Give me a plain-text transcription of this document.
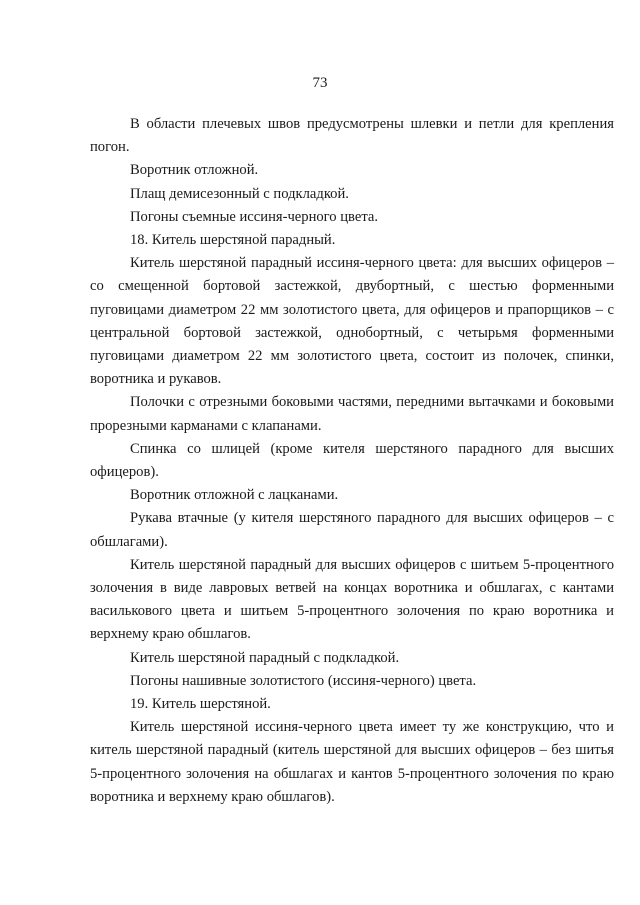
73

В области плечевых швов предусмотрены шлевки и петли для крепления погон.

Воротник отложной.

Плащ демисезонный с подкладкой.

Погоны съемные иссиня-черного цвета.

18. Китель шерстяной парадный.

Китель шерстяной парадный иссиня-черного цвета: для высших офицеров – со смещенной бортовой застежкой, двубортный, с шестью форменными пуговицами диаметром 22 мм золотистого цвета, для офицеров и прапорщиков – с центральной бортовой застежкой, однобортный, с четырьмя форменными пуговицами диаметром 22 мм золотистого цвета, состоит из полочек, спинки, воротника и рукавов.

Полочки с отрезными боковыми частями, передними вытачками и боковыми прорезными карманами с клапанами.

Спинка со шлицей (кроме кителя шерстяного парадного для высших офицеров).

Воротник отложной с лацканами.

Рукава втачные (у кителя шерстяного парадного для высших офицеров – с обшлагами).

Китель шерстяной парадный для высших офицеров с шитьем 5-процентного золочения в виде лавровых ветвей на концах воротника и обшлагах, с кантами василькового цвета и шитьем 5-процентного золочения по краю воротника и верхнему краю обшлагов.

Китель шерстяной парадный с подкладкой.

Погоны нашивные золотистого (иссиня-черного) цвета.

19. Китель шерстяной.

Китель шерстяной иссиня-черного цвета имеет ту же конструкцию, что и китель шерстяной парадный (китель шерстяной для высших офицеров – без шитья 5-процентного золочения на обшлагах и кантов 5-процентного золочения по краю воротника и верхнему краю обшлагов).
